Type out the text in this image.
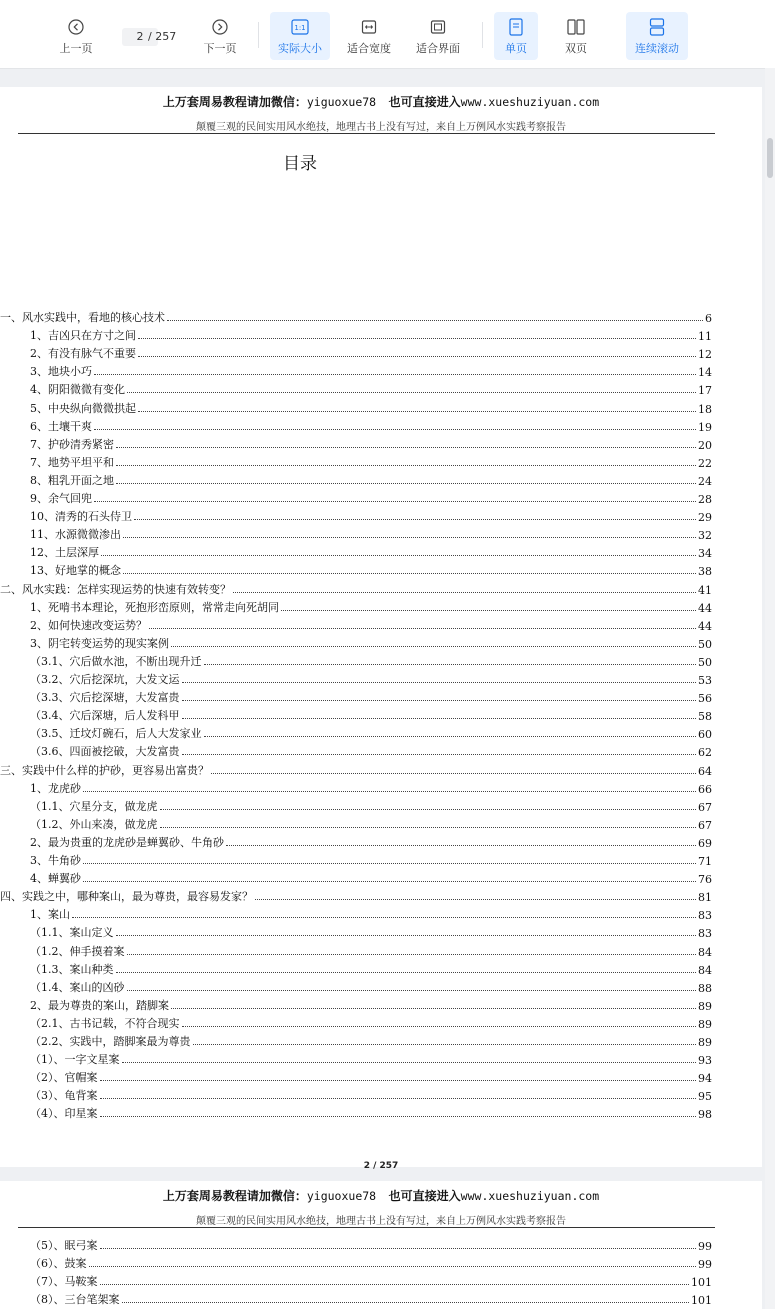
上一页
2 / 257
下一页
1:1
实际大小 适合宽度 适合界面	单页	双页	连续滚动
上万套周易教程请加微信：yiguoxue78 也可直接进入www.xueshuziyuan.com
颠覆三观的民间实用风水绝技，地理古书上没有写过，来自上万例风水实践考察报告
目录
一、风水实践中，看地的核心技术	6
1、吉凶只在方寸之间	11
2、有没有脉气不重要	12
3、地块小巧	14
4、阴阳微微有变化	17
5、中央纵向微微拱起	18
6、土壤干爽	19
7、护砂清秀紧密	20
7、地势平坦平和	22
8、粗乳开面之地	24
9、余气回兜	28
10、清秀的石头侍卫	29
11、水源微微渗出	32
12、土层深厚	34
13、好地掌的概念	38
二、风水实践：怎样实现运势的快速有效转变？	41
1、死啃书本理论，死抱形峦原则，常常走向死胡同	44
2、如何快速改变运势？	44
3、阴宅转变运势的现实案例	50
（3.1、穴后做水池，不断出现升迁	50
（3.2、穴后挖深坑，大发文运	53
（3.3、穴后挖深塘，大发富贵	56
（3.4、穴后深塘，后人发科甲	58
（3.5、迁坟灯碗石，后人大发家业	60
（3.6、四面被挖破，大发富贵	62
三、实践中什么样的护砂，更容易出富贵？	64
1、龙虎砂	66
（1.1、穴星分支，做龙虎	67
（1.2、外山来凑，做龙虎	67
2、最为贵重的龙虎砂是蝉翼砂、牛角砂	69
3、牛角砂	71
4、蝉翼砂	76
四、实践之中，哪种案山，最为尊贵，最容易发家？	81
1、案山	83
（1.1、案山定义	83
（1.2、伸手摸着案	84
（1.3、案山种类	84
（1.4、案山的凶砂	88
2、最为尊贵的案山，踏脚案	89
（2.1、古书记载，不符合现实	89
（2.2、实践中，踏脚案最为尊贵	89
（1）、一字文星案	93
（2）、官帽案	94
（3）、龟背案	95
（4）、印星案	98
2 / 257
上万套周易教程请加微信：yiguoxue78 也可直接进入www.xueshuziyuan.com
颠覆三观的民间实用风水绝技，地理古书上没有写过，来自上万例风水实践考察报告
（5）、眠弓案	99
（6）、鼓案	99
（7）、马鞍案	101
（8）、三台笔架案	101
